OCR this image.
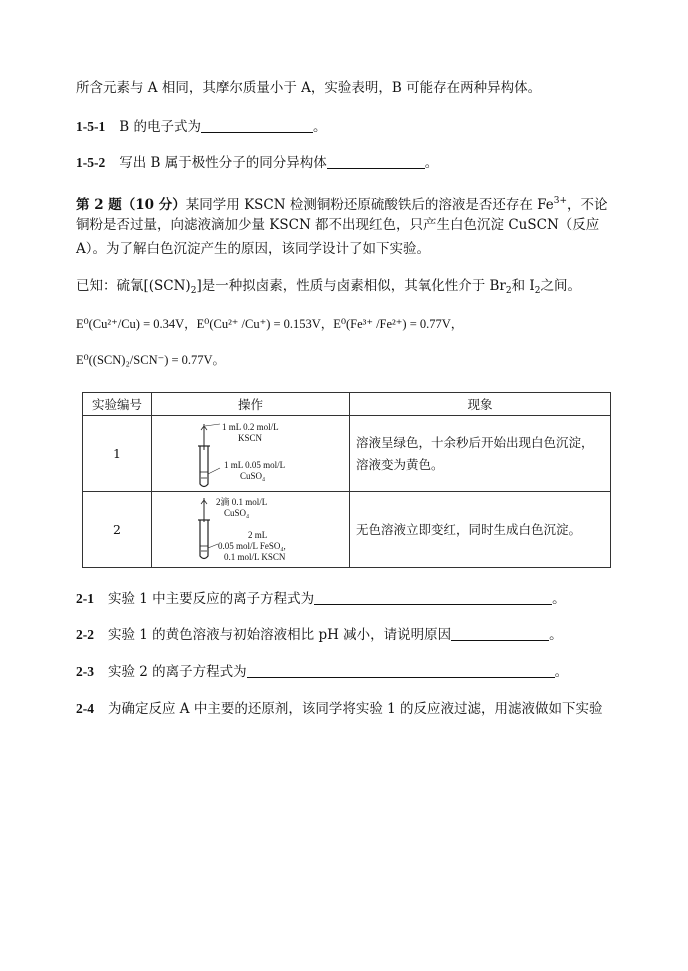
所含元素与 A 相同，其摩尔质量小于 A，实验表明，B 可能存在两种异构体。
1-5-1 B 的电子式为	。
1-5-2 写出 B 属于极性分子的同分异构体	。
第 2 题（10 分）某同学用 KSCN 检测铜粉还原硫酸铁后的溶液是否还存在 $Fe^{3+}$，不论
铜粉是否过量，向滤液滴加少量 KSCN 都不出现红色，只产生白色沉淀 CuSCN（反应
A）。为了解白色沉淀产生的原因，该同学设计了如下实验。
已知：硫氰$[(SCN)_2]$是一种拟卤素，性质与卤素相似，其氧化性介于 $Br_2$和 $I_2$之间。
E⁰(Cu²⁺/Cu) = 0.34V，E⁰(Cu²⁺ /Cu⁺) = 0.153V，E⁰(Fe³⁺ /Fe²⁺) = 0.77V，
E⁰((SCN)₂/SCN⁻) = 0.77V。
实验编号	操作	现象
1	1 mL 0.2 mol/L
KSCN
1 mL 0.05 mol/L
CuSO₄	溶液呈绿色，十余秒后开始出现白色沉淀，溶液变为黄色。
2	2滴 0.1 mol/L
CuSO₄
2 mL
0.05 mol/L FeSO₄,
0.1 mol/L KSCN	无色溶液立即变红，同时生成白色沉淀。
2-1 实验 1 中主要反应的离子方程式为	。
2-2 实验 1 的黄色溶液与初始溶液相比 pH 减小，请说明原因	。
2-3 实验 2 的离子方程式为	。
2-4 为确定反应 A 中主要的还原剂，该同学将实验 1 的反应液过滤，用滤液做如下实验
